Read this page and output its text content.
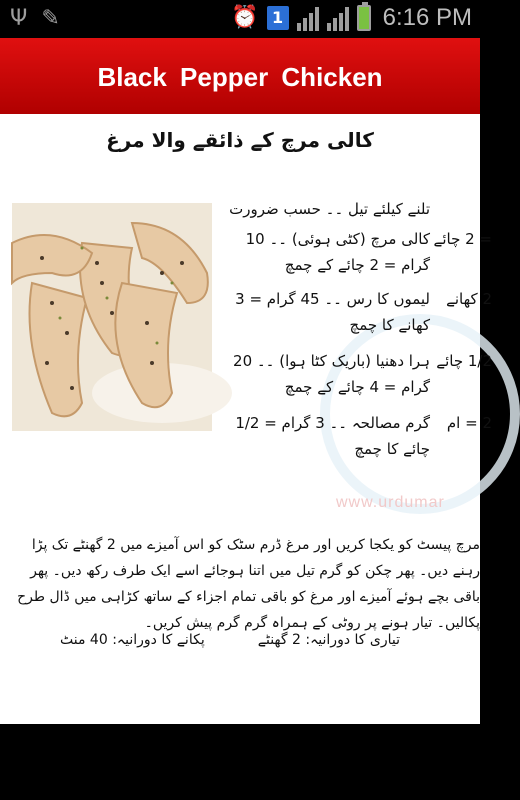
Ψ ✎	⏰ 1	6:16 PM
Black Pepper Chicken
www.urdumar
کالی مرچ کے ذائقے والا مرغ
تلنے کیلئے تیل ۔۔ حسب ضرورت
کالی مرچ (کٹی ہوئی) ۔۔ 10 گرام = 2 چائے کے چمچ
لیموں کا رس ۔۔ 45 گرام = 3 کھانے کا چمچ
ہرا دھنیا (باریک کٹا ہوا) ۔۔ 20 گرام = 4 چائے کے چمچ
گرم مصالحہ ۔۔ 3 گرام = 1/2 چائے کا چمچ
= 2 چائے
2 کھانے
1/2 چائے
2 = ام
مرچ پیسٹ کو یکجا کریں اور مرغ ڈرم سٹک کو اس آمیزے میں 2 گھنٹے تک پڑا رہنے دیں۔ پھر چکن کو گرم تیل میں اتنا ہوجائے اسے ایک طرف رکھ دیں۔ پھر باقی بچے ہوئے آمیزے اور مرغ کو باقی تمام اجزاء کے ساتھ کڑاہی میں ڈال طرح پکالیں۔ تیار ہونے پر روٹی کے ہمراہ گرم گرم پیش کریں۔
تیاری کا دورانیہ: 2 گھنٹے
پکانے کا دورانیہ: 40 منٹ
